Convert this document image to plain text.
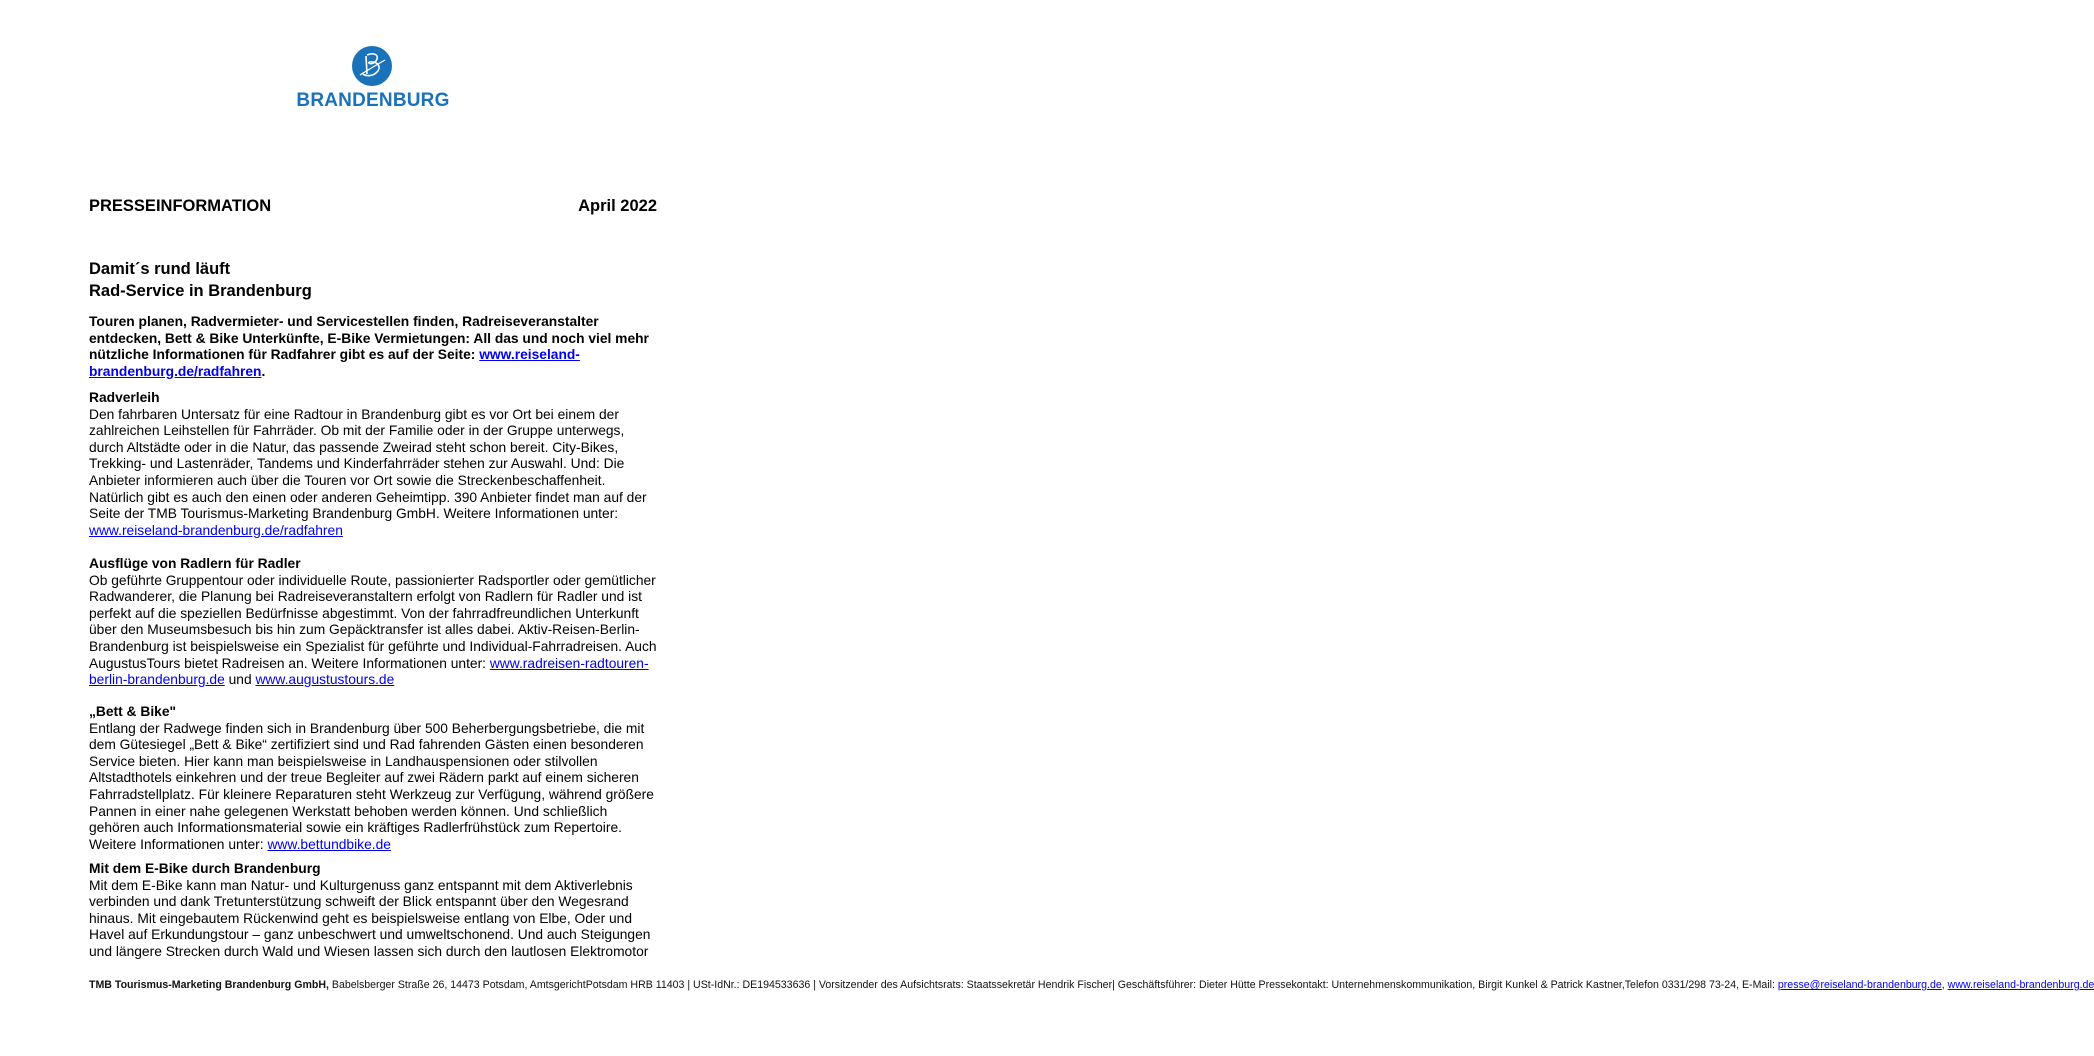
BRANDENBURG
PRESSEINFORMATION	April 2022
Damit´s rund läuft
Rad-Service in Brandenburg
Touren planen, Radvermieter- und Servicestellen finden, Radreiseveranstalter
entdecken, Bett & Bike Unterkünfte, E-Bike Vermietungen: All das und noch viel mehr
nützliche Informationen für Radfahrer gibt es auf der Seite: www.reiseland-
brandenburg.de/radfahren.
Radverleih
Den fahrbaren Untersatz für eine Radtour in Brandenburg gibt es vor Ort bei einem der
zahlreichen Leihstellen für Fahrräder. Ob mit der Familie oder in der Gruppe unterwegs,
durch Altstädte oder in die Natur, das passende Zweirad steht schon bereit. City-Bikes,
Trekking- und Lastenräder, Tandems und Kinderfahrräder stehen zur Auswahl. Und: Die
Anbieter informieren auch über die Touren vor Ort sowie die Streckenbeschaffenheit.
Natürlich gibt es auch den einen oder anderen Geheimtipp. 390 Anbieter findet man auf der
Seite der TMB Tourismus-Marketing Brandenburg GmbH. Weitere Informationen unter:
www.reiseland-brandenburg.de/radfahren
Ausflüge von Radlern für Radler
Ob geführte Gruppentour oder individuelle Route, passionierter Radsportler oder gemütlicher
Radwanderer, die Planung bei Radreiseveranstaltern erfolgt von Radlern für Radler und ist
perfekt auf die speziellen Bedürfnisse abgestimmt. Von der fahrradfreundlichen Unterkunft
über den Museumsbesuch bis hin zum Gepäcktransfer ist alles dabei. Aktiv-Reisen-Berlin-
Brandenburg ist beispielsweise ein Spezialist für geführte und Individual-Fahrradreisen. Auch
AugustusTours bietet Radreisen an. Weitere Informationen unter: www.radreisen-radtouren-
berlin-brandenburg.de und www.augustustours.de
„Bett & Bike"
Entlang der Radwege finden sich in Brandenburg über 500 Beherbergungsbetriebe, die mit
dem Gütesiegel „Bett & Bike“ zertifiziert sind und Rad fahrenden Gästen einen besonderen
Service bieten. Hier kann man beispielsweise in Landhauspensionen oder stilvollen
Altstadthotels einkehren und der treue Begleiter auf zwei Rädern parkt auf einem sicheren
Fahrradstellplatz. Für kleinere Reparaturen steht Werkzeug zur Verfügung, während größere
Pannen in einer nahe gelegenen Werkstatt behoben werden können. Und schließlich
gehören auch Informationsmaterial sowie ein kräftiges Radlerfrühstück zum Repertoire.
Weitere Informationen unter: www.bettundbike.de
Mit dem E-Bike durch Brandenburg
Mit dem E-Bike kann man Natur- und Kulturgenuss ganz entspannt mit dem Aktiverlebnis
verbinden und dank Tretunterstützung schweift der Blick entspannt über den Wegesrand
hinaus. Mit eingebautem Rückenwind geht es beispielsweise entlang von Elbe, Oder und
Havel auf Erkundungstour – ganz unbeschwert und umweltschonend. Und auch Steigungen
und längere Strecken durch Wald und Wiesen lassen sich durch den lautlosen Elektromotor
TMB Tourismus-Marketing Brandenburg GmbH, Babelsberger Straße 26, 14473 Potsdam, AmtsgerichtPotsdam HRB 11403 | USt-IdNr.: DE194533636 | Vorsitzender des Aufsichtsrats: Staatssekretär Hendrik Fischer| Geschäftsführer: Dieter Hütte Pressekontakt: Unternehmenskommunikation, Birgit Kunkel & Patrick Kastner,Telefon 0331/298 73-24, E-Mail: presse@reiseland-brandenburg.de, www.reiseland-brandenburg.de
